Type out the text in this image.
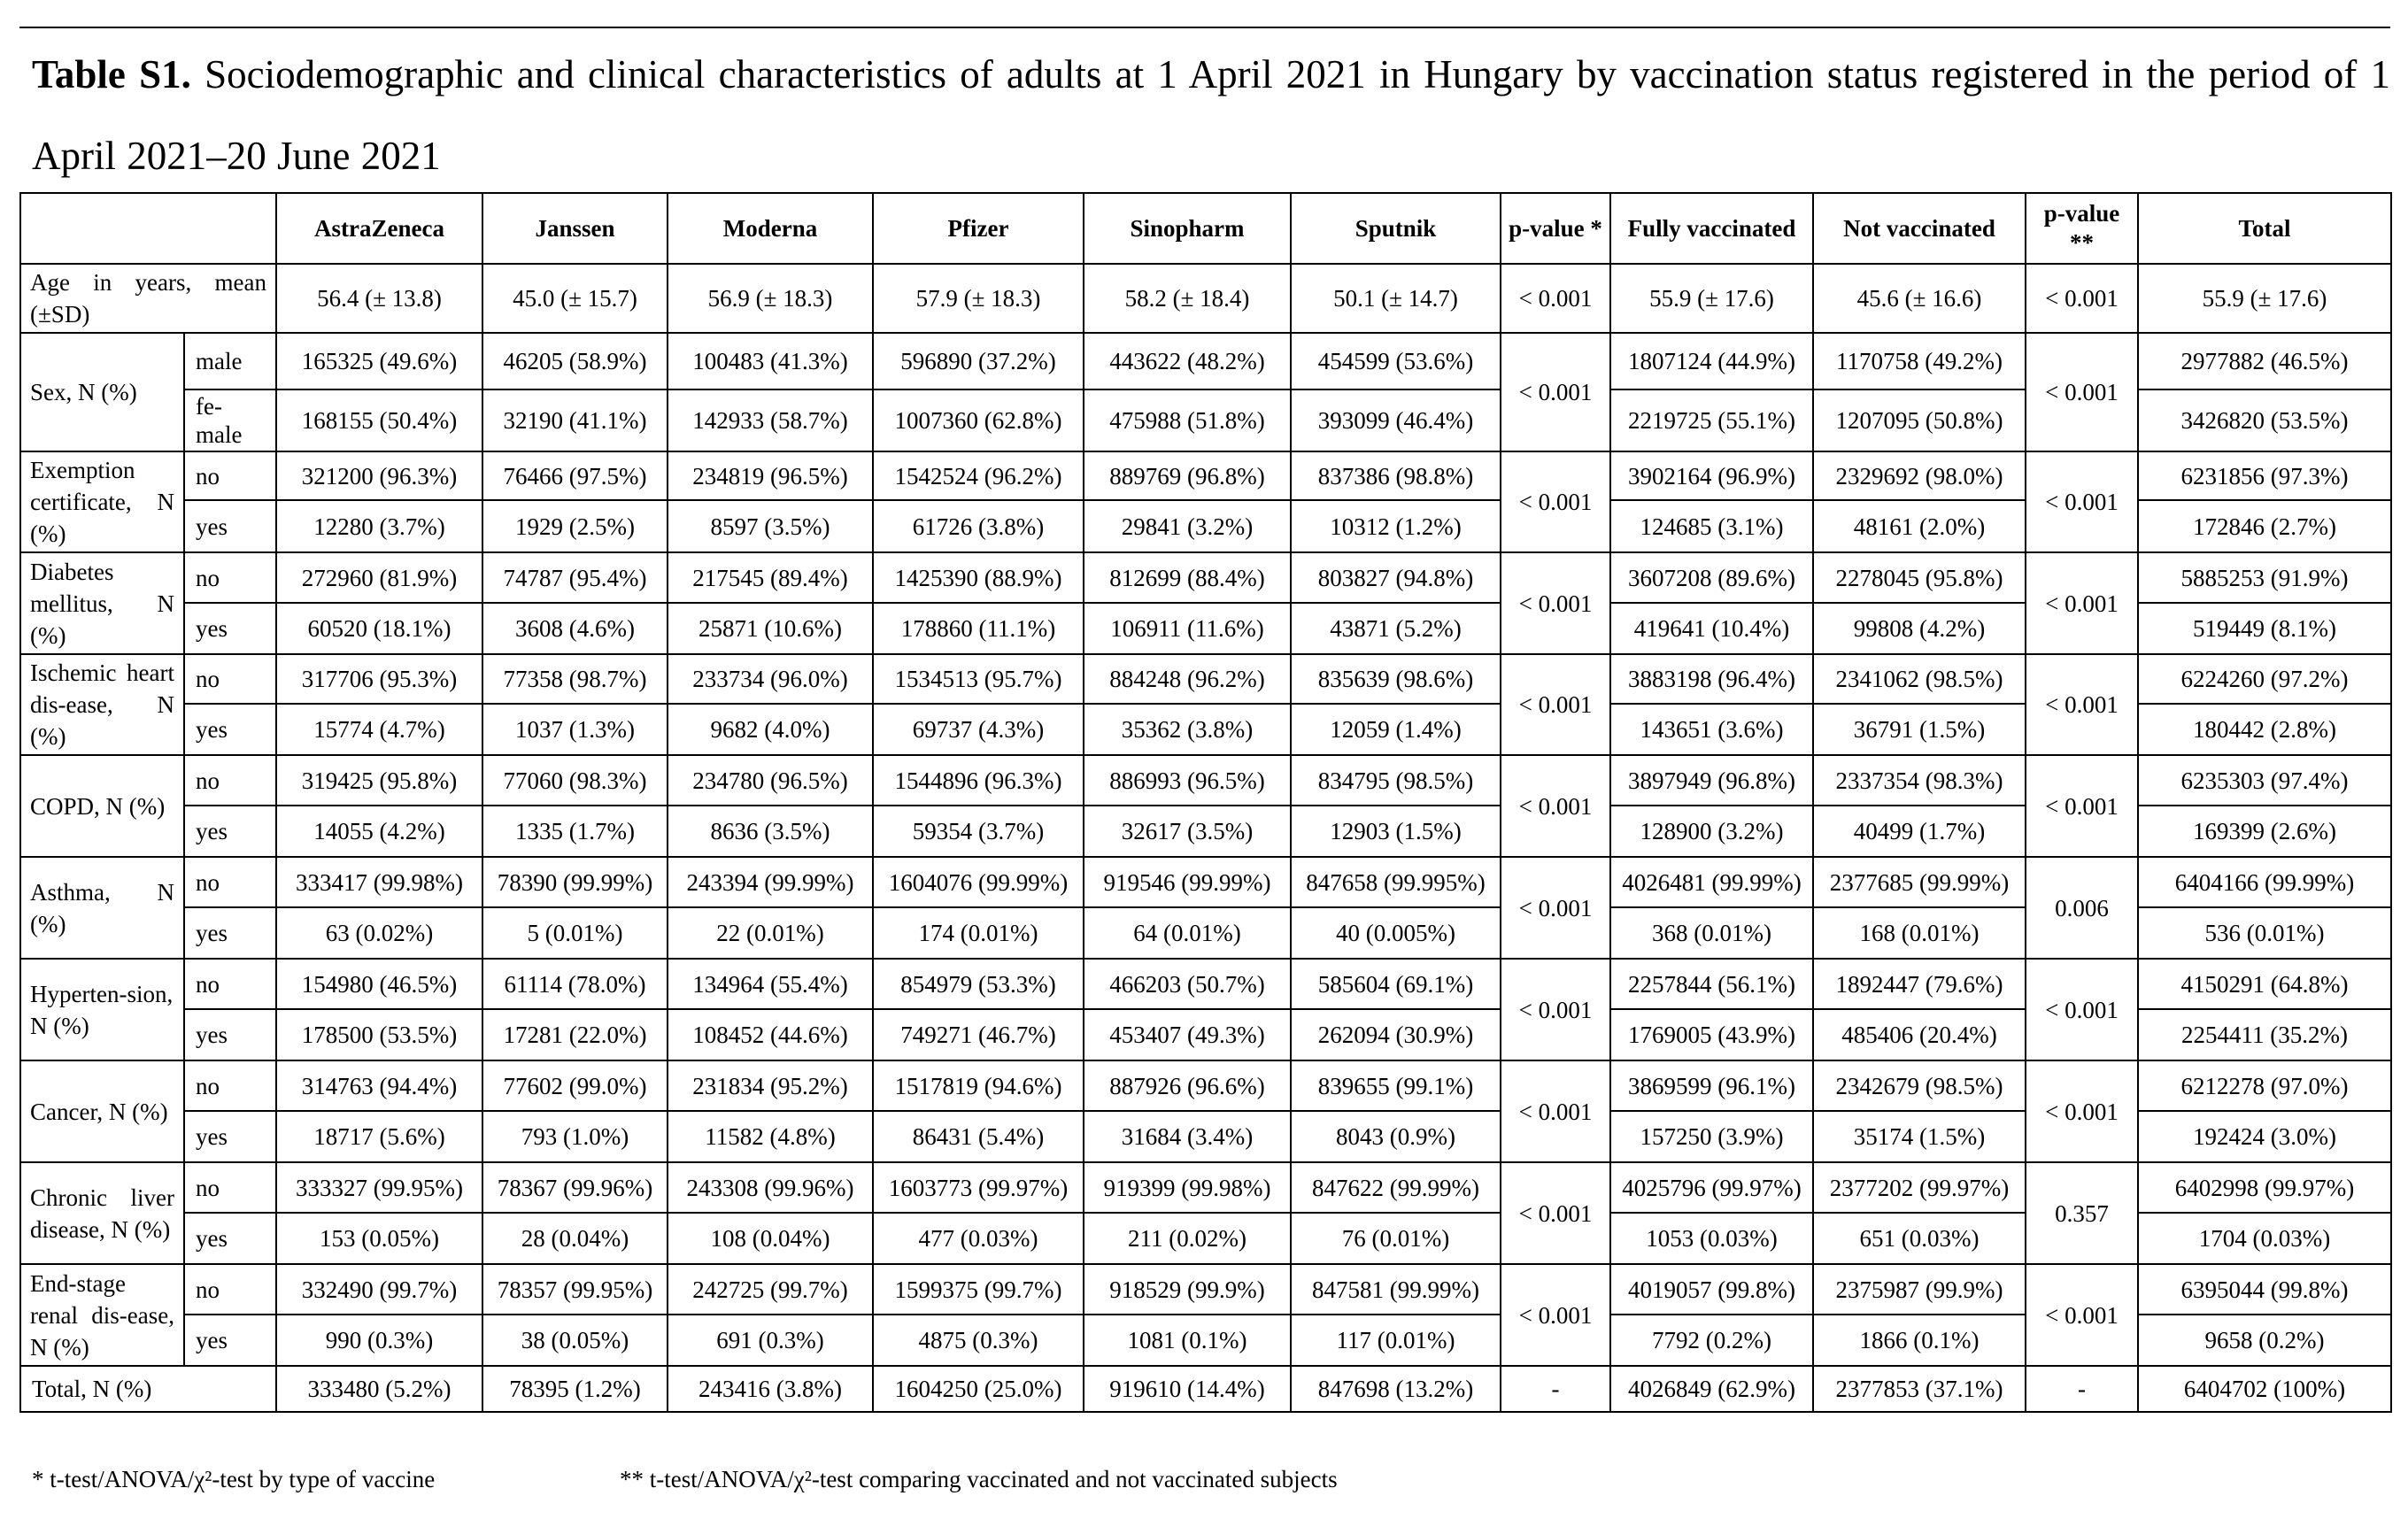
Table S1. Sociodemographic and clinical characteristics of adults at 1 April 2021 in Hungary by vaccination status registered in the period of 1 April 2021–20 June 2021
		AstraZeneca	Janssen	Moderna	Pfizer	Sinopharm	Sputnik	p-value *	Fully vaccinated	Not vaccinated	p-value **	Total
Age in years, mean (±SD)		56.4 (± 13.8)	45.0 (± 15.7)	56.9 (± 18.3)	57.9 (± 18.3)	58.2 (± 18.4)	50.1 (± 14.7)	< 0.001	55.9 (± 17.6)	45.6 (± 16.6)	< 0.001	55.9 (± 17.6)
Sex, N (%)	male	165325 (49.6%)	46205 (58.9%)	100483 (41.3%)	596890 (37.2%)	443622 (48.2%)	454599 (53.6%)	< 0.001	1807124 (44.9%)	1170758 (49.2%)	< 0.001	2977882 (46.5%)
	fe-male	168155 (50.4%)	32190 (41.1%)	142933 (58.7%)	1007360 (62.8%)	475988 (51.8%)	393099 (46.4%)		2219725 (55.1%)	1207095 (50.8%)		3426820 (53.5%)
Exemption certificate, N (%)	no	321200 (96.3%)	76466 (97.5%)	234819 (96.5%)	1542524 (96.2%)	889769 (96.8%)	837386 (98.8%)	< 0.001	3902164 (96.9%)	2329692 (98.0%)	< 0.001	6231856 (97.3%)
	yes	12280 (3.7%)	1929 (2.5%)	8597 (3.5%)	61726 (3.8%)	29841 (3.2%)	10312 (1.2%)		124685 (3.1%)	48161 (2.0%)		172846 (2.7%)
Diabetes mellitus, N (%)	no	272960 (81.9%)	74787 (95.4%)	217545 (89.4%)	1425390 (88.9%)	812699 (88.4%)	803827 (94.8%)	< 0.001	3607208 (89.6%)	2278045 (95.8%)	< 0.001	5885253 (91.9%)
	yes	60520 (18.1%)	3608 (4.6%)	25871 (10.6%)	178860 (11.1%)	106911 (11.6%)	43871 (5.2%)		419641 (10.4%)	99808 (4.2%)		519449 (8.1%)
Ischemic heart dis-ease, N (%)	no	317706 (95.3%)	77358 (98.7%)	233734 (96.0%)	1534513 (95.7%)	884248 (96.2%)	835639 (98.6%)	< 0.001	3883198 (96.4%)	2341062 (98.5%)	< 0.001	6224260 (97.2%)
	yes	15774 (4.7%)	1037 (1.3%)	9682 (4.0%)	69737 (4.3%)	35362 (3.8%)	12059 (1.4%)		143651 (3.6%)	36791 (1.5%)		180442 (2.8%)
COPD, N (%)	no	319425 (95.8%)	77060 (98.3%)	234780 (96.5%)	1544896 (96.3%)	886993 (96.5%)	834795 (98.5%)	< 0.001	3897949 (96.8%)	2337354 (98.3%)	< 0.001	6235303 (97.4%)
	yes	14055 (4.2%)	1335 (1.7%)	8636 (3.5%)	59354 (3.7%)	32617 (3.5%)	12903 (1.5%)		128900 (3.2%)	40499 (1.7%)		169399 (2.6%)
Asthma, N (%)	no	333417 (99.98%)	78390 (99.99%)	243394 (99.99%)	1604076 (99.99%)	919546 (99.99%)	847658 (99.995%)	< 0.001	4026481 (99.99%)	2377685 (99.99%)	0.006	6404166 (99.99%)
	yes	63 (0.02%)	5 (0.01%)	22 (0.01%)	174 (0.01%)	64 (0.01%)	40 (0.005%)		368 (0.01%)	168 (0.01%)		536 (0.01%)
Hyperten-sion, N (%)	no	154980 (46.5%)	61114 (78.0%)	134964 (55.4%)	854979 (53.3%)	466203 (50.7%)	585604 (69.1%)	< 0.001	2257844 (56.1%)	1892447 (79.6%)	< 0.001	4150291 (64.8%)
	yes	178500 (53.5%)	17281 (22.0%)	108452 (44.6%)	749271 (46.7%)	453407 (49.3%)	262094 (30.9%)		1769005 (43.9%)	485406 (20.4%)		2254411 (35.2%)
Cancer, N (%)	no	314763 (94.4%)	77602 (99.0%)	231834 (95.2%)	1517819 (94.6%)	887926 (96.6%)	839655 (99.1%)	< 0.001	3869599 (96.1%)	2342679 (98.5%)	< 0.001	6212278 (97.0%)
	yes	18717 (5.6%)	793 (1.0%)	11582 (4.8%)	86431 (5.4%)	31684 (3.4%)	8043 (0.9%)		157250 (3.9%)	35174 (1.5%)		192424 (3.0%)
Chronic liver disease, N (%)	no	333327 (99.95%)	78367 (99.96%)	243308 (99.96%)	1603773 (99.97%)	919399 (99.98%)	847622 (99.99%)	< 0.001	4025796 (99.97%)	2377202 (99.97%)	0.357	6402998 (99.97%)
	yes	153 (0.05%)	28 (0.04%)	108 (0.04%)	477 (0.03%)	211 (0.02%)	76 (0.01%)		1053 (0.03%)	651 (0.03%)		1704 (0.03%)
End-stage renal dis-ease, N (%)	no	332490 (99.7%)	78357 (99.95%)	242725 (99.7%)	1599375 (99.7%)	918529 (99.9%)	847581 (99.99%)	< 0.001	4019057 (99.8%)	2375987 (99.9%)	< 0.001	6395044 (99.8%)
	yes	990 (0.3%)	38 (0.05%)	691 (0.3%)	4875 (0.3%)	1081 (0.1%)	117 (0.01%)		7792 (0.2%)	1866 (0.1%)		9658 (0.2%)
Total, N (%)		333480 (5.2%)	78395 (1.2%)	243416 (3.8%)	1604250 (25.0%)	919610 (14.4%)	847698 (13.2%)	-	4026849 (62.9%)	2377853 (37.1%)	-	6404702 (100%)
* t-test/ANOVA/χ²-test by type of vaccine	** t-test/ANOVA/χ²-test comparing vaccinated and not vaccinated subjects
